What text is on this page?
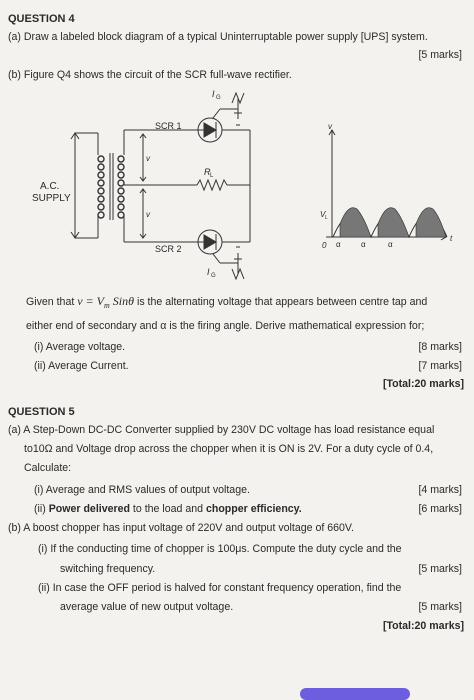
QUESTION 4
(a) Draw a labeled block diagram of a typical Uninterruptable power supply [UPS] system.
[5 marks]
(b) Figure Q4 shows the circuit of the SCR full-wave rectifier.
A.C.
SUPPLY
SCR 1
SCR 2
I G
I G
R L
v
v
v
V L
0 α	α	α
t
Given that $v = V_m$ Sinθ is the alternating voltage that appears between centre tap and
either end of secondary and α is the firing angle. Derive mathematical expression for;
(i) Average voltage.	[8 marks]
(ii) Average Current.	[7 marks]
[Total:20 marks]
QUESTION 5
(a) A Step-Down DC-DC Converter supplied by 230V DC voltage has load resistance equal
to10Ω and Voltage drop across the chopper when it is ON is 2V. For a duty cycle of 0.4,
Calculate:
(i) Average and RMS values of output voltage.	[4 marks]
(ii) Power delivered to the load and chopper efficiency.	[6 marks]
(b) A boost chopper has input voltage of 220V and output voltage of 660V.
(i) If the conducting time of chopper is 100μs. Compute the duty cycle and the
switching frequency.	[5 marks]
(ii) In case the OFF period is halved for constant frequency operation, find the
average value of new output voltage.	[5 marks]
[Total:20 marks]
